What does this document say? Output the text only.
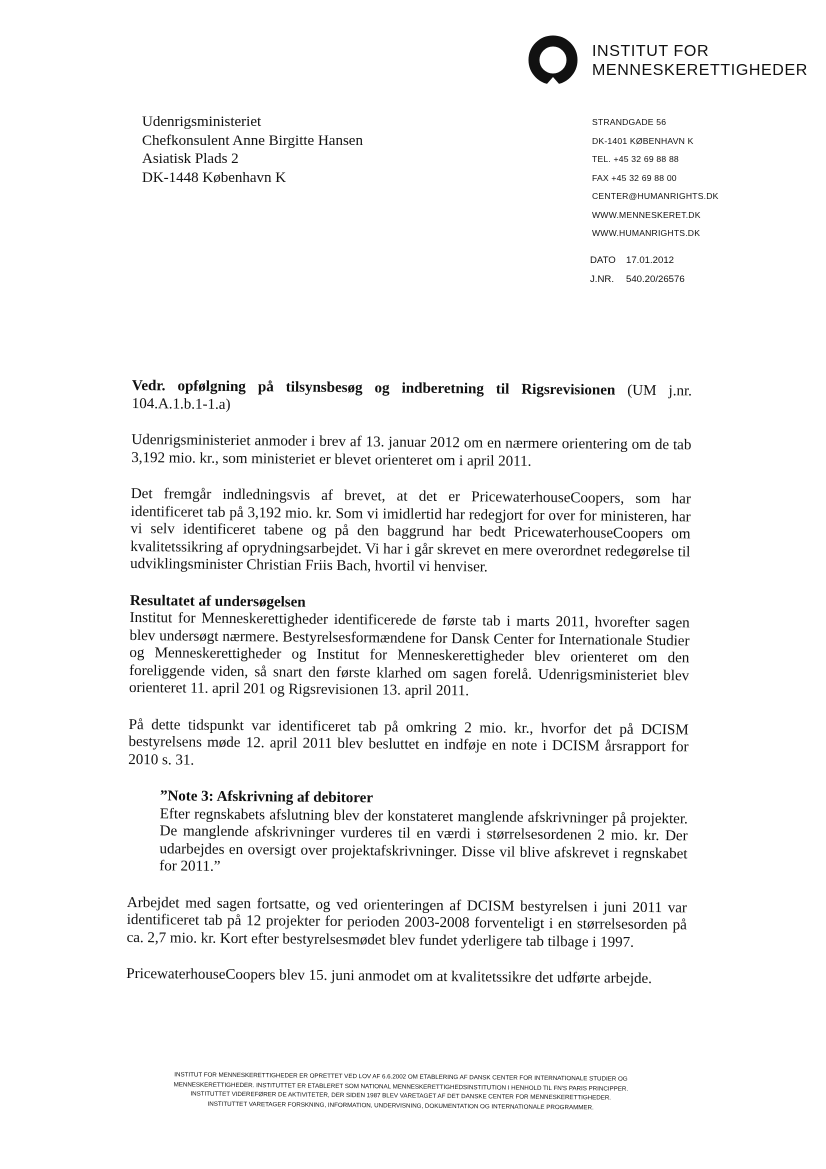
INSTITUT FOR
MENNESKERETTIGHEDER
Udenrigsministeriet
Chefkonsulent Anne Birgitte Hansen
Asiatisk Plads 2
DK-1448 København K
STRANDGADE 56
DK-1401 KØBENHAVN K
TEL. +45 32 69 88 88
FAX +45 32 69 88 00
CENTER@HUMANRIGHTS.DK
WWW.MENNESKERET.DK
WWW.HUMANRIGHTS.DK
DATO	17.01.2012
J.NR.	540.20/26576

Vedr. opfølgning på tilsynsbesøg og indberetning til Rigsrevisionen (UM j.nr. 104.A.1.b.1-1.a)

Udenrigsministeriet anmoder i brev af 13. januar 2012 om en nærmere orientering om de tab 3,192 mio. kr., som ministeriet er blevet orienteret om i april 2011.

Det fremgår indledningsvis af brevet, at det er PricewaterhouseCoopers, som har identificeret tab på 3,192 mio. kr. Som vi imidlertid har redegjort for over for ministeren, har vi selv identificeret tabene og på den baggrund har bedt PricewaterhouseCoopers om kvalitetssikring af oprydningsarbejdet. Vi har i går skrevet en mere overordnet redegørelse til udviklingsminister Christian Friis Bach, hvortil vi henviser.

Resultatet af undersøgelsen

Institut for Menneskerettigheder identificerede de første tab i marts 2011, hvorefter sagen blev undersøgt nærmere. Bestyrelsesformændene for Dansk Center for Internationale Studier og Menneskerettigheder og Institut for Menneskerettigheder blev orienteret om den foreliggende viden, så snart den første klarhed om sagen forelå. Udenrigsministeriet blev orienteret 11. april 201 og Rigsrevisionen 13. april 2011.

På dette tidspunkt var identificeret tab på omkring 2 mio. kr., hvorfor det på DCISM bestyrelsens møde 12. april 2011 blev besluttet en indføje en note i DCISM årsrapport for 2010 s. 31.

”Note 3: Afskrivning af debitorer
Efter regnskabets afslutning blev der konstateret manglende afskrivninger på projekter. De manglende afskrivninger vurderes til en værdi i størrelsesordenen 2 mio. kr. Der udarbejdes en oversigt over projektafskrivninger. Disse vil blive afskrevet i regnskabet for 2011.”

Arbejdet med sagen fortsatte, og ved orienteringen af DCISM bestyrelsen i juni 2011 var identificeret tab på 12 projekter for perioden 2003-2008 forventeligt i en størrelsesorden på ca. 2,7 mio. kr. Kort efter bestyrelsesmødet blev fundet yderligere tab tilbage i 1997.

PricewaterhouseCoopers blev 15. juni anmodet om at kvalitetssikre det udførte arbejde.

INSTITUT FOR MENNESKERETTIGHEDER ER OPRETTET VED LOV AF 6.6.2002 OM ETABLERING AF DANSK CENTER FOR INTERNATIONALE STUDIER OG
MENNESKERETTIGHEDER. INSTITUTTET ER ETABLERET SOM NATIONAL MENNESKERETTIGHEDSINSTITUTION I HENHOLD TIL FN'S PARIS PRINCIPPER.
INSTITUTTET VIDEREFØRER DE AKTIVITETER, DER SIDEN 1987 BLEV VARETAGET AF DET DANSKE CENTER FOR MENNESKERETTIGHEDER.
INSTITUTTET VARETAGER FORSKNING, INFORMATION, UNDERVISNING, DOKUMENTATION OG INTERNATIONALE PROGRAMMER.
